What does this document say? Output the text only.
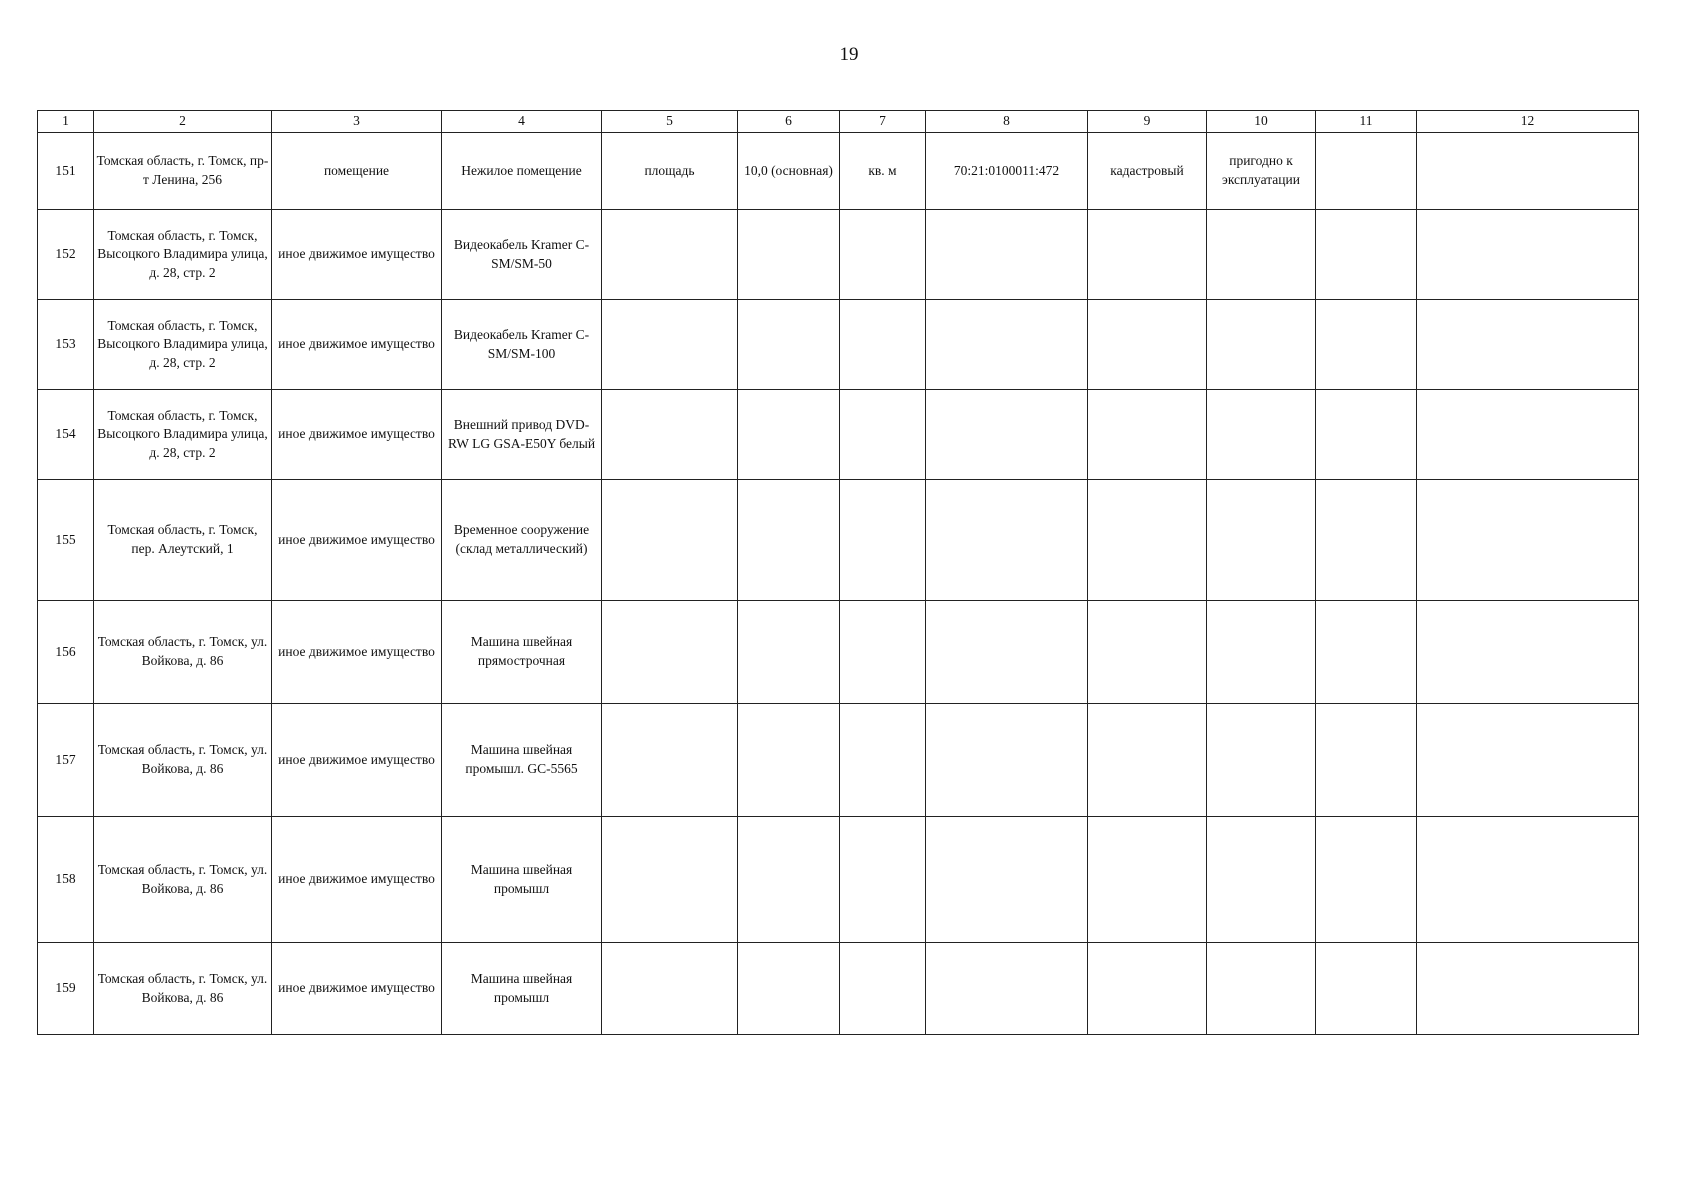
19
1	2	3	4	5	6	7	8	9	10	11	12
151	Томская область, г. Томск, пр-т Ленина, 256	помещение	Нежилое помещение	площадь	10,0 (основная)	кв. м	70:21:0100011:472	кадастровый	пригодно к эксплуатации		
152	Томская область, г. Томск, Высоцкого Владимира улица, д. 28, стр. 2	иное движимое имущество	Видеокабель Kramer C-SM/SM-50								
153	Томская область, г. Томск, Высоцкого Владимира улица, д. 28, стр. 2	иное движимое имущество	Видеокабель Kramer C-SM/SM-100								
154	Томская область, г. Томск, Высоцкого Владимира улица, д. 28, стр. 2	иное движимое имущество	Внешний привод DVD-RW LG GSA-E50Y белый								
155	Томская область, г. Томск, пер. Алеутский, 1	иное движимое имущество	Временное сооружение (склад металлический)								
156	Томская область, г. Томск, ул. Войкова, д. 86	иное движимое имущество	Машина швейная прямострочная								
157	Томская область, г. Томск, ул. Войкова, д. 86	иное движимое имущество	Машина швейная промышл. GC-5565								
158	Томская область, г. Томск, ул. Войкова, д. 86	иное движимое имущество	Машина швейная промышл								
159	Томская область, г. Томск, ул. Войкова, д. 86	иное движимое имущество	Машина швейная промышл								
